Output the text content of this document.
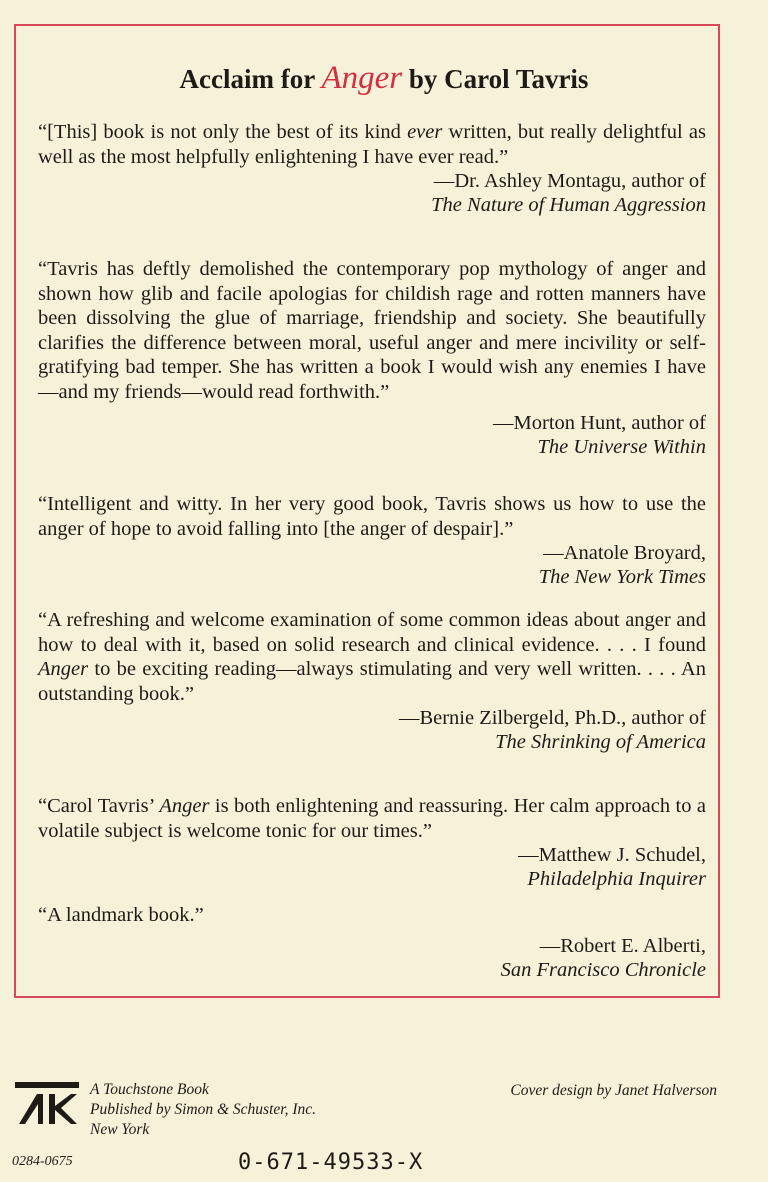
Acclaim for Anger by Carol Tavris

“[This] book is not only the best of its kind ever written, but really delightful as well as the most helpfully enlightening I have ever read.”

—Dr. Ashley Montagu, author of
The Nature of Human Aggression

“Tavris has deftly demolished the contemporary pop mythology of anger and shown how glib and facile apologias for childish rage and rotten manners have been dissolving the glue of marriage, friendship and society. She beautifully clarifies the difference between moral, useful anger and mere incivility or self-gratifying bad temper. She has written a book I would wish any enemies I have—and my friends—would read forthwith.”

—Morton Hunt, author of
The Universe Within

“Intelligent and witty. In her very good book, Tavris shows us how to use the anger of hope to avoid falling into [the anger of despair].”

—Anatole Broyard,
The New York Times

“A refreshing and welcome examination of some common ideas about anger and how to deal with it, based on solid research and clinical evidence. . . . I found Anger to be exciting reading—always stimulating and very well written. . . . An outstanding book.”

—Bernie Zilbergeld, Ph.D., author of
The Shrinking of America

“Carol Tavris’ Anger is both enlightening and reassuring. Her calm approach to a volatile subject is welcome tonic for our times.”

—Matthew J. Schudel,
Philadelphia Inquirer

“A landmark book.”

—Robert E. Alberti,
San Francisco Chronicle
A Touchstone Book
Published by Simon & Schuster, Inc.
New York
Cover design by Janet Halverson
0284-0675	0-671-49533-X
